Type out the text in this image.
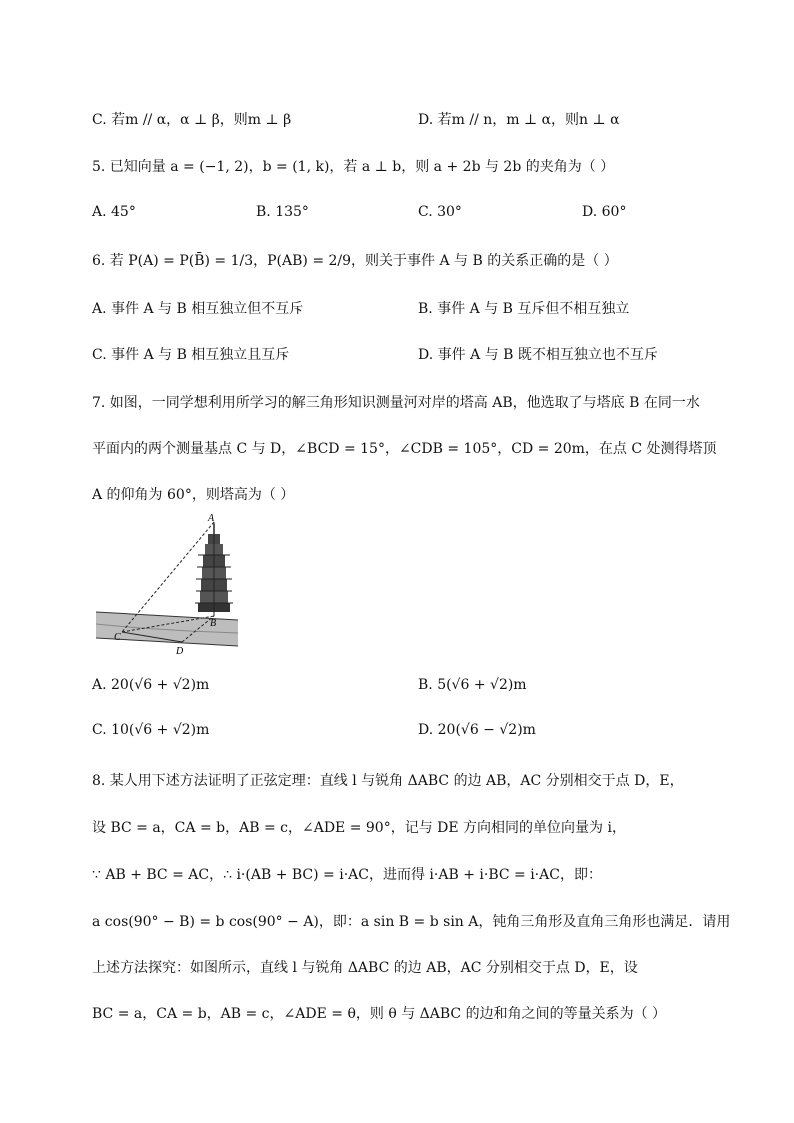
C. 若m // α，α ⊥ β，则m ⊥ β	D. 若m // n，m ⊥ α，则n ⊥ α
5. 已知向量 a = (−1, 2)，b = (1, k)，若 a ⊥ b，则 a + 2b 与 2b 的夹角为（ ）
A. 45°	B. 135°	C. 30°	D. 60°
6. 若 P(A) = P(B̄) = 1/3，P(AB) = 2/9，则关于事件 A 与 B 的关系正确的是（ ）
A. 事件 A 与 B 相互独立但不互斥	B. 事件 A 与 B 互斥但不相互独立
C. 事件 A 与 B 相互独立且互斥	D. 事件 A 与 B 既不相互独立也不互斥
7. 如图，一同学想利用所学习的解三角形知识测量河对岸的塔高 AB，他选取了与塔底 B 在同一水
平面内的两个测量基点 C 与 D，∠BCD = 15°，∠CDB = 105°，CD = 20m，在点 C 处测得塔顶
A 的仰角为 60°，则塔高为（ ）
A
B
C
D
A. 20(√6 + √2)m	B. 5(√6 + √2)m
C. 10(√6 + √2)m	D. 20(√6 − √2)m
8. 某人用下述方法证明了正弦定理：直线 l 与锐角 ΔABC 的边 AB，AC 分别相交于点 D，E，
设 BC = a，CA = b，AB = c，∠ADE = 90°，记与 DE 方向相同的单位向量为 i，
∵ AB + BC = AC，∴ i·(AB + BC) = i·AC，进而得 i·AB + i·BC = i·AC，即：
a cos(90° − B) = b cos(90° − A)，即：a sin B = b sin A，钝角三角形及直角三角形也满足．请用
上述方法探究：如图所示，直线 l 与锐角 ΔABC 的边 AB，AC 分别相交于点 D，E，设
BC = a，CA = b，AB = c，∠ADE = θ，则 θ 与 ΔABC 的边和角之间的等量关系为（ ）
